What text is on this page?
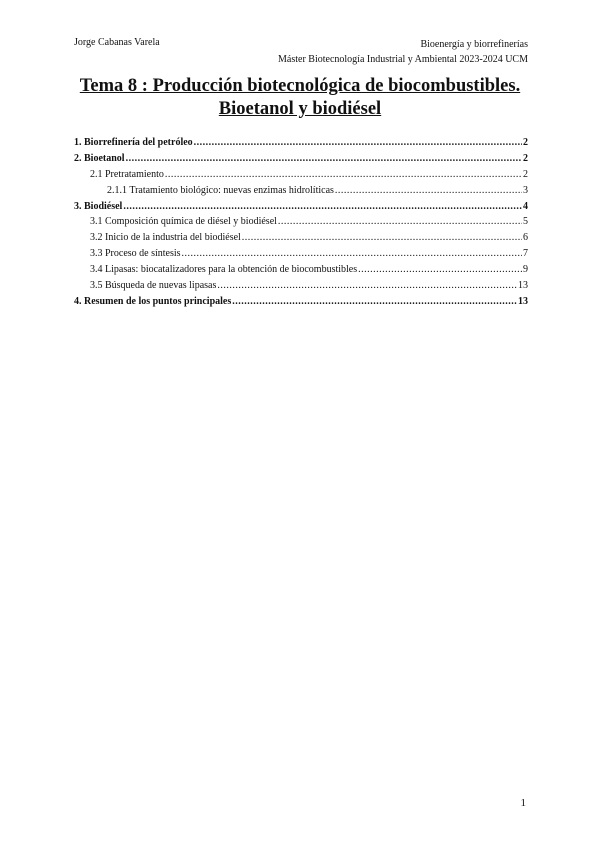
Jorge Cabanas Varela	Bioenergía y biorrefinerías
Máster Biotecnología Industrial y Ambiental 2023-2024 UCM
Tema 8 : Producción biotecnológica de biocombustibles.
Bioetanol y biodiésel
1. Biorrefinería del petróleo .....	2
2. Bioetanol .....	2
2.1 Pretratamiento .....	2
2.1.1 Tratamiento biológico: nuevas enzimas hidrolíticas .....	3
3. Biodiésel .....	4
3.1 Composición química de diésel y biodiésel .....	5
3.2 Inicio de la industria del biodiésel .....	6
3.3 Proceso de síntesis .....	7
3.4 Lipasas: biocatalizadores para la obtención de biocombustibles .....	9
3.5 Búsqueda de nuevas lipasas .....	13
4. Resumen de los puntos principales .....	13
1
